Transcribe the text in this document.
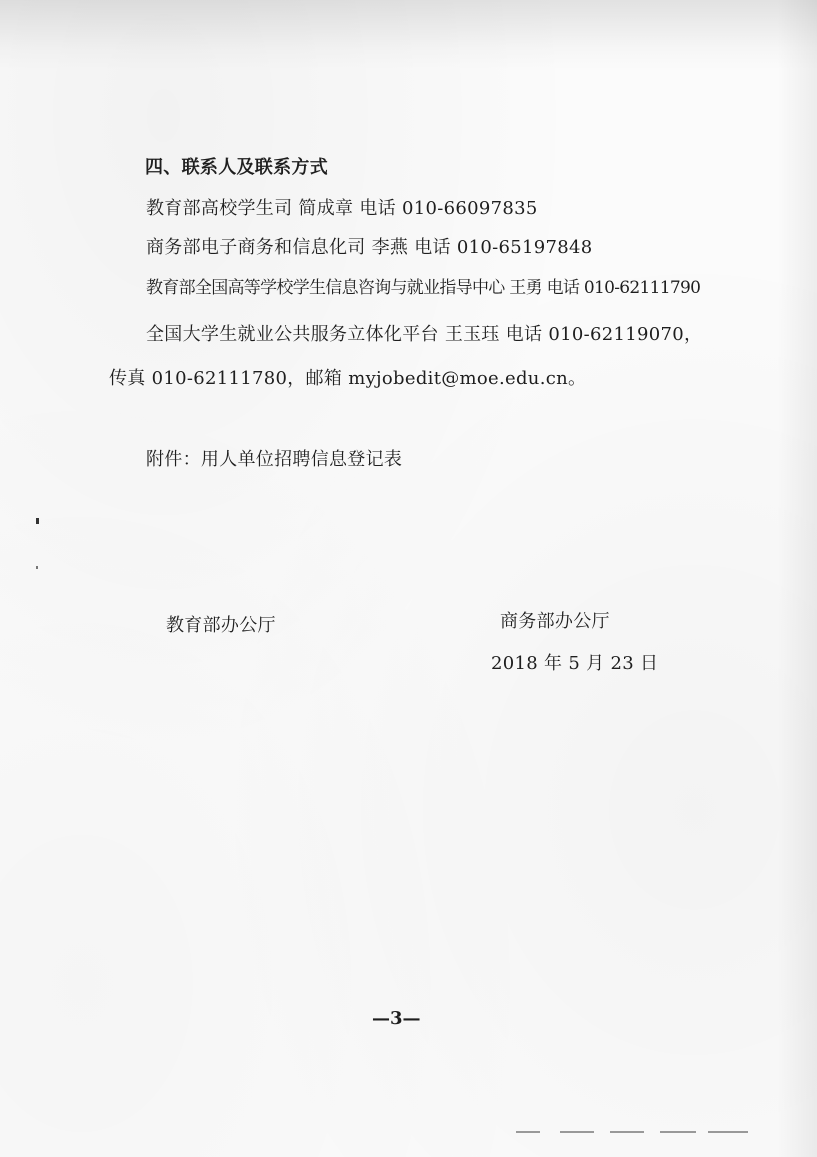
四、联系人及联系方式
教育部高校学生司 简成章 电话 010-66097835
商务部电子商务和信息化司 李燕 电话 010-65197848
教育部全国高等学校学生信息咨询与就业指导中心 王勇 电话 010-62111790
全国大学生就业公共服务立体化平台 王玉珏 电话 010-62119070，
传真 010-62111780，邮箱 myjobedit@moe.edu.cn。
附件：用人单位招聘信息登记表
教育部办公厅	商务部办公厅
2018 年 5 月 23 日
—3—
